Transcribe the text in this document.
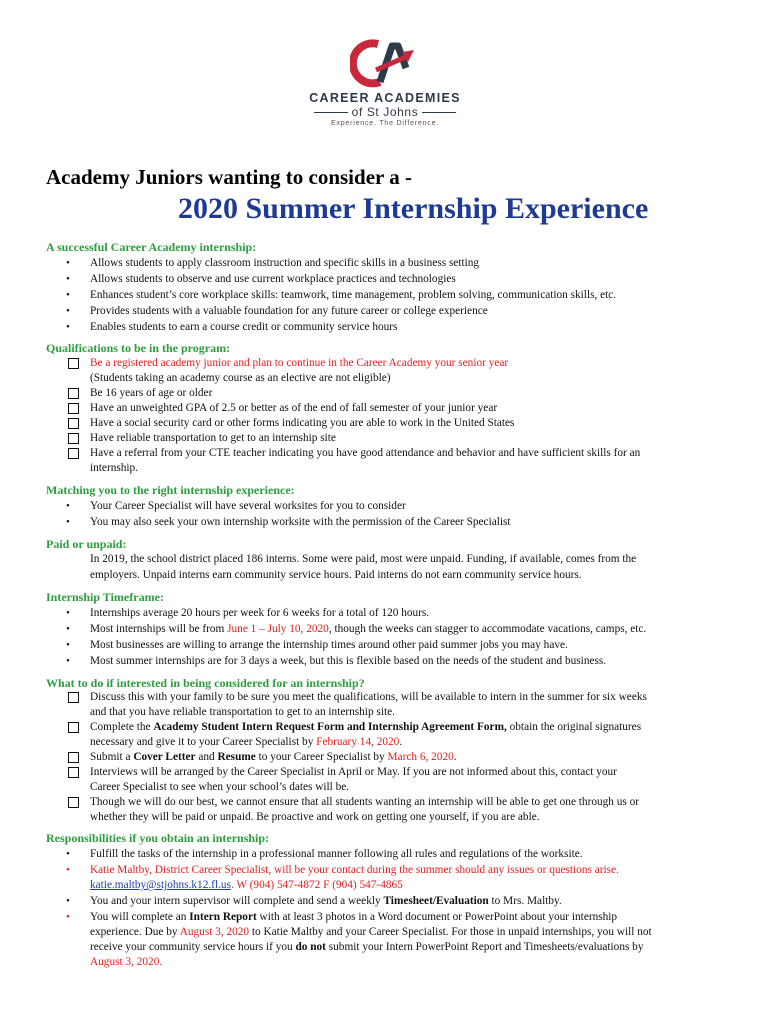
CAREER ACADEMIES
of St Johns
Experience. The Difference.
Academy Juniors wanting to consider a -
2020 Summer Internship Experience
A successful Career Academy internship:
• Allows students to apply classroom instruction and specific skills in a business setting
• Allows students to observe and use current workplace practices and technologies
• Enhances student’s core workplace skills: teamwork, time management, problem solving, communication skills, etc.
• Provides students with a valuable foundation for any future career or college experience
• Enables students to earn a course credit or community service hours
Qualifications to be in the program:
Be a registered academy junior and plan to continue in the Career Academy your senior year
(Students taking an academy course as an elective are not eligible)
Be 16 years of age or older
Have an unweighted GPA of 2.5 or better as of the end of fall semester of your junior year
Have a social security card or other forms indicating you are able to work in the United States
Have reliable transportation to get to an internship site
Have a referral from your CTE teacher indicating you have good attendance and behavior and have sufficient skills for an
internship.
Matching you to the right internship experience:
• Your Career Specialist will have several worksites for you to consider
• You may also seek your own internship worksite with the permission of the Career Specialist
Paid or unpaid:
In 2019, the school district placed 186 interns. Some were paid, most were unpaid. Funding, if available, comes from the
employers. Unpaid interns earn community service hours. Paid interns do not earn community service hours.
Internship Timeframe:
• Internships average 20 hours per week for 6 weeks for a total of 120 hours.
• Most internships will be from June 1 – July 10, 2020, though the weeks can stagger to accommodate vacations, camps, etc.
• Most businesses are willing to arrange the internship times around other paid summer jobs you may have.
• Most summer internships are for 3 days a week, but this is flexible based on the needs of the student and business.
What to do if interested in being considered for an internship?
Discuss this with your family to be sure you meet the qualifications, will be available to intern in the summer for six weeks
and that you have reliable transportation to get to an internship site.
Complete the Academy Student Intern Request Form and Internship Agreement Form, obtain the original signatures
necessary and give it to your Career Specialist by February 14, 2020.
Submit a Cover Letter and Resume to your Career Specialist by March 6, 2020.
Interviews will be arranged by the Career Specialist in April or May. If you are not informed about this, contact your
Career Specialist to see when your school’s dates will be.
Though we will do our best, we cannot ensure that all students wanting an internship will be able to get one through us or
whether they will be paid or unpaid. Be proactive and work on getting one yourself, if you are able.
Responsibilities if you obtain an internship:
• Fulfill the tasks of the internship in a professional manner following all rules and regulations of the worksite.
• Katie Maltby, District Career Specialist, will be your contact during the summer should any issues or questions arise.
katie.maltby@stjohns.k12.fl.us. W (904) 547-4872 F (904) 547-4865
• You and your intern supervisor will complete and send a weekly Timesheet/Evaluation to Mrs. Maltby.
• You will complete an Intern Report with at least 3 photos in a Word document or PowerPoint about your internship
experience. Due by August 3, 2020 to Katie Maltby and your Career Specialist. For those in unpaid internships, you will not
receive your community service hours if you do not submit your Intern PowerPoint Report and Timesheets/evaluations by
August 3, 2020.
